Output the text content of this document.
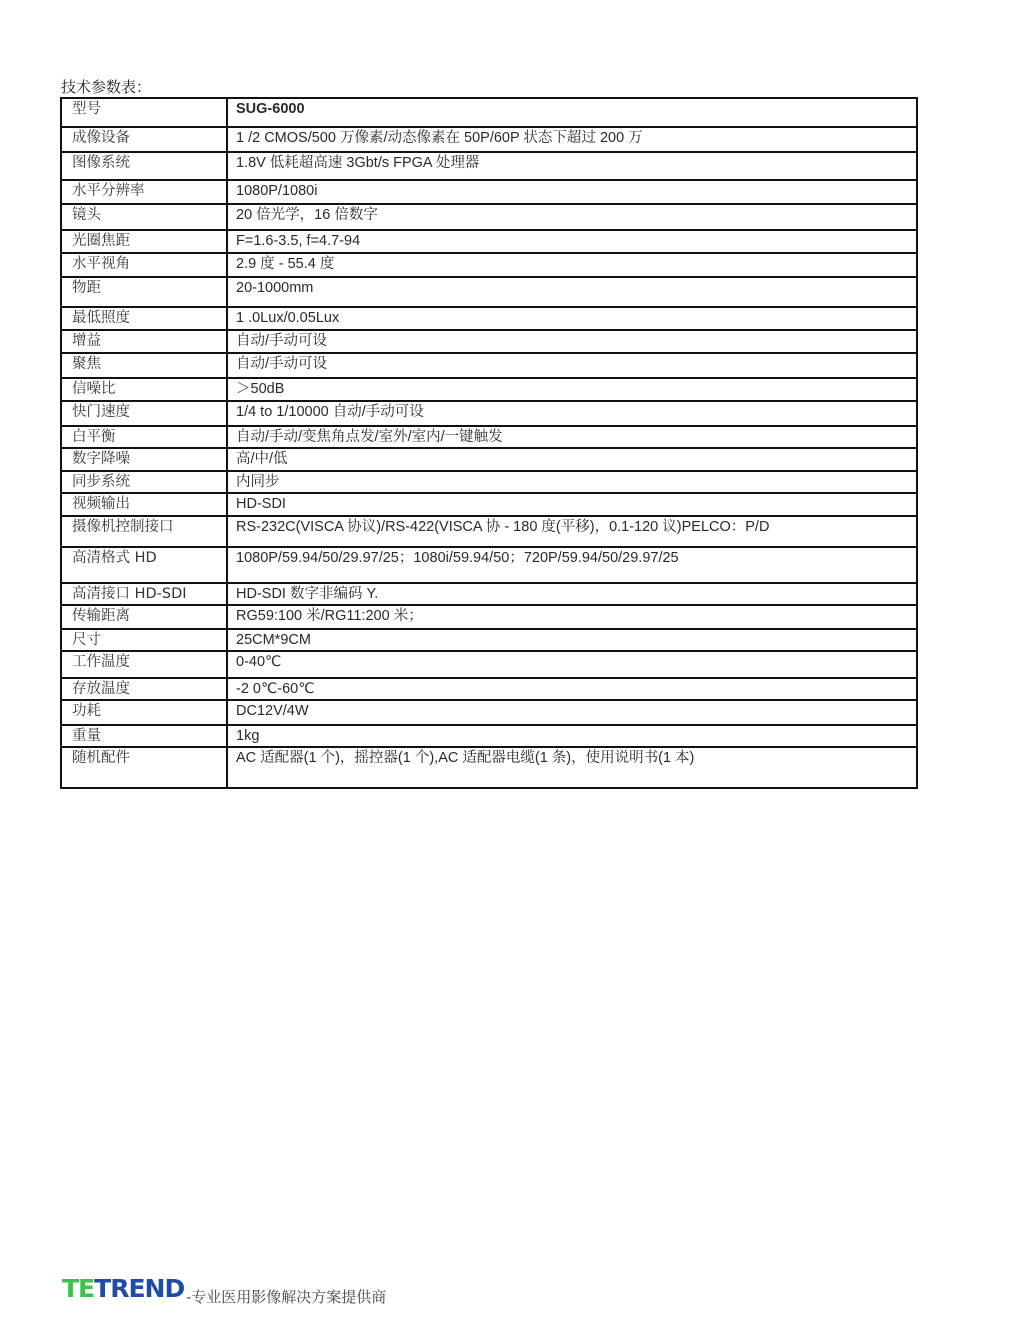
技术参数表：
型号	SUG-6000
成像设备	1 /2 CMOS/500 万像素/动态像素在 50P/60P 状态下超过 200 万
图像系统	1.8V 低耗超高速 3Gbt/s FPGA 处理器
水平分辨率	1080P/1080i
镜头	20 倍光学，16 倍数字
光圈焦距	F=1.6-3.5, f=4.7-94
水平视角	2.9 度 - 55.4 度
物距	20-1000mm
最低照度	1 .0Lux/0.05Lux
增益	自动/手动可设
聚焦	自动/手动可设
信噪比	＞50dB
快门速度	1/4 to 1/10000 自动/手动可设
白平衡	自动/手动/变焦角点发/室外/室内/一键触发
数字降噪	高/中/低
同步系统	内同步
视频输出	HD-SDI
摄像机控制接口	RS-232C(VISCA 协议)/RS-422(VISCA 协 - 180 度(平移)，0.1-120 议)PELCO：P/D
高清格式 HD	1080P/59.94/50/29.97/25；1080i/59.94/50；720P/59.94/50/29.97/25
高清接口 HD-SDI	HD-SDI 数字非编码 Y.
传输距离	RG59:100 米/RG11:200 米；
尺寸	25CM*9CM
工作温度	0-40℃
存放温度	-2 0℃-60℃
功耗	DC12V/4W
重量	1kg
随机配件	AC 适配器(1 个)，摇控器(1 个),AC 适配器电缆(1 条)，使用说明书(1 本)
TE TREND -专业医用影像解决方案提供商
